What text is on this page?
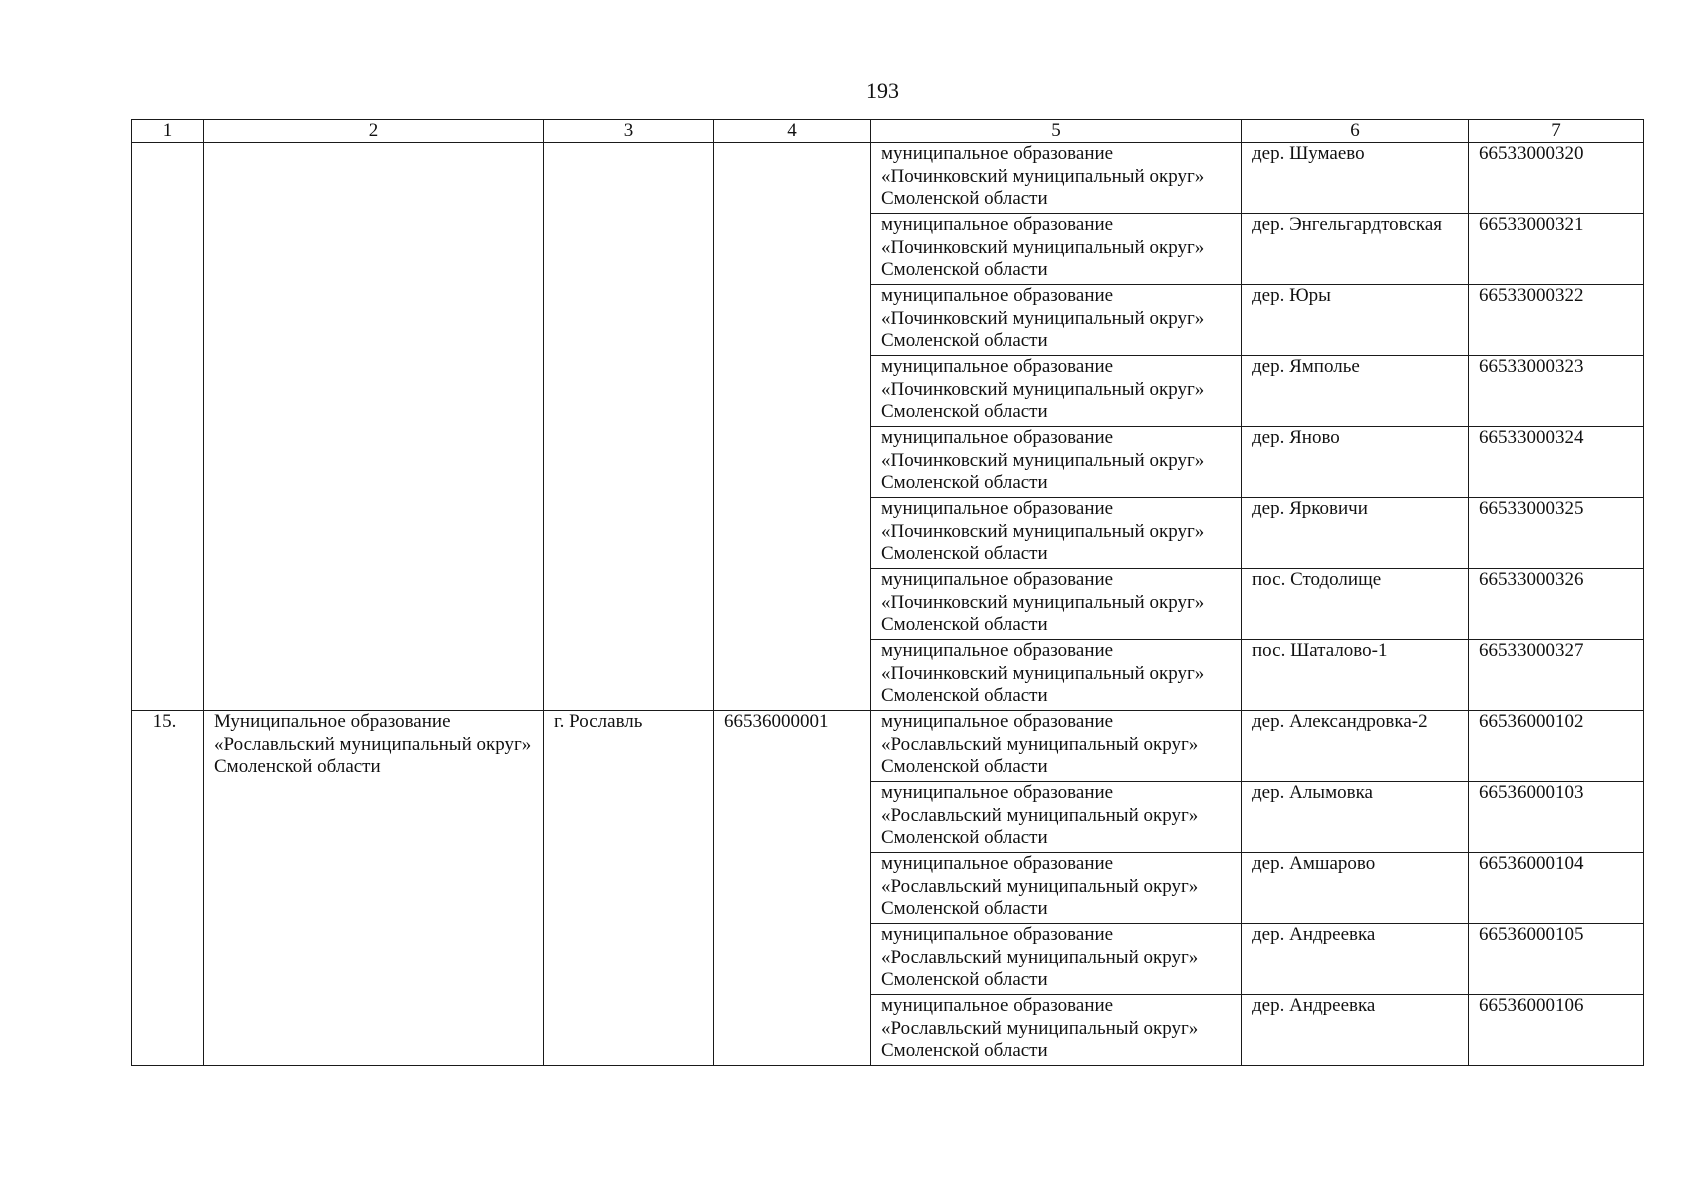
193
1	2	3	4	5	6	7

				муниципальное образование
«Починковский муниципальный округ»
Смоленской области	дер. Шумаево	66533000320

				муниципальное образование
«Починковский муниципальный округ»
Смоленской области	дер. Энгельгардтовская	66533000321

				муниципальное образование
«Починковский муниципальный округ»
Смоленской области	дер. Юры	66533000322

				муниципальное образование
«Починковский муниципальный округ»
Смоленской области	дер. Ямполье	66533000323

				муниципальное образование
«Починковский муниципальный округ»
Смоленской области	дер. Яново	66533000324

				муниципальное образование
«Починковский муниципальный округ»
Смоленской области	дер. Ярковичи	66533000325

				муниципальное образование
«Починковский муниципальный округ»
Смоленской области	пос. Стодолище	66533000326

				муниципальное образование
«Починковский муниципальный округ»
Смоленской области	пос. Шаталово-1	66533000327
15.	Муниципальное образование «Рославльский муниципальный округ» Смоленской области	г. Рославль	66536000001	муниципальное образование
«Рославльский муниципальный округ»
Смоленской области	дер. Александровка-2	66536000102

				муниципальное образование
«Рославльский муниципальный округ»
Смоленской области	дер. Алымовка	66536000103

				муниципальное образование
«Рославльский муниципальный округ»
Смоленской области	дер. Амшарово	66536000104

				муниципальное образование
«Рославльский муниципальный округ»
Смоленской области	дер. Андреевка	66536000105

				муниципальное образование
«Рославльский муниципальный округ»
Смоленской области	дер. Андреевка	66536000106
